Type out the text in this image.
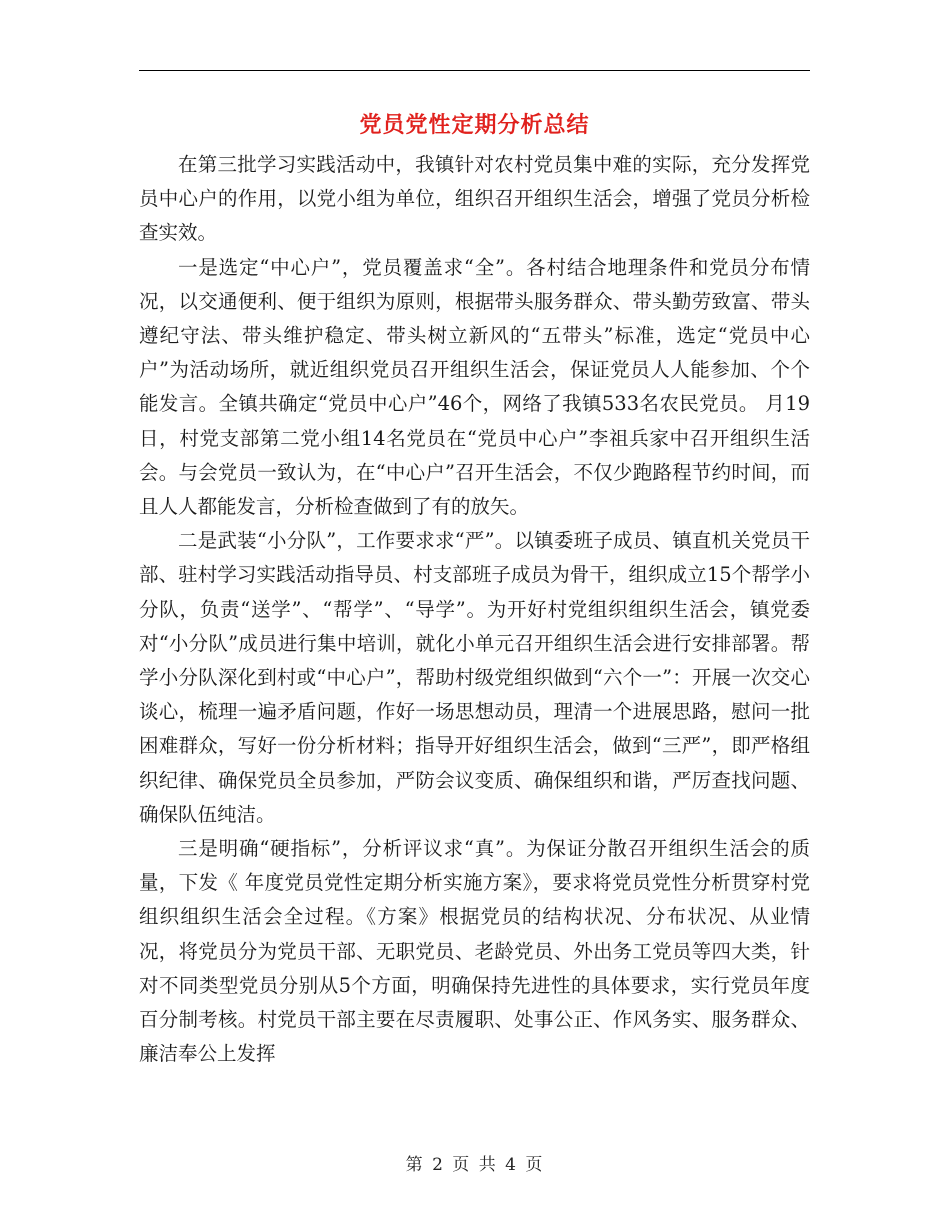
党员党性定期分析总结

在第三批学习实践活动中，我镇针对农村党员集中难的实际，充分发挥党员中心户的作用，以党小组为单位，组织召开组织生活会，增强了党员分析检查实效。

一是选定“中心户”，党员覆盖求“全”。各村结合地理条件和党员分布情况，以交通便利、便于组织为原则，根据带头服务群众、带头勤劳致富、带头遵纪守法、带头维护稳定、带头树立新风的“五带头”标准，选定“党员中心户”为活动场所，就近组织党员召开组织生活会，保证党员人人能参加、个个能发言。全镇共确定“党员中心户”46个，网络了我镇533名农民党员。 月19日，村党支部第二党小组14名党员在“党员中心户”李祖兵家中召开组织生活会。与会党员一致认为，在“中心户”召开生活会，不仅少跑路程节约时间，而且人人都能发言，分析检查做到了有的放矢。

二是武装“小分队”，工作要求求“严”。以镇委班子成员、镇直机关党员干部、驻村学习实践活动指导员、村支部班子成员为骨干，组织成立15个帮学小分队，负责“送学”、“帮学”、“导学”。为开好村党组织组织生活会，镇党委对“小分队”成员进行集中培训，就化小单元召开组织生活会进行安排部署。帮学小分队深化到村或“中心户”，帮助村级党组织做到“六个一”：开展一次交心谈心，梳理一遍矛盾问题，作好一场思想动员，理清一个进展思路，慰问一批困难群众，写好一份分析材料；指导开好组织生活会，做到“三严”，即严格组织纪律、确保党员全员参加，严防会议变质、确保组织和谐，严厉查找问题、确保队伍纯洁。

三是明确“硬指标”，分析评议求“真”。为保证分散召开组织生活会的质量，下发《 年度党员党性定期分析实施方案》，要求将党员党性分析贯穿村党组织组织生活会全过程。《方案》根据党员的结构状况、分布状况、从业情况，将党员分为党员干部、无职党员、老龄党员、外出务工党员等四大类，针对不同类型党员分别从5个方面，明确保持先进性的具体要求，实行党员年度百分制考核。村党员干部主要在尽责履职、处事公正、作风务实、服务群众、廉洁奉公上发挥

第 2 页 共 4 页
